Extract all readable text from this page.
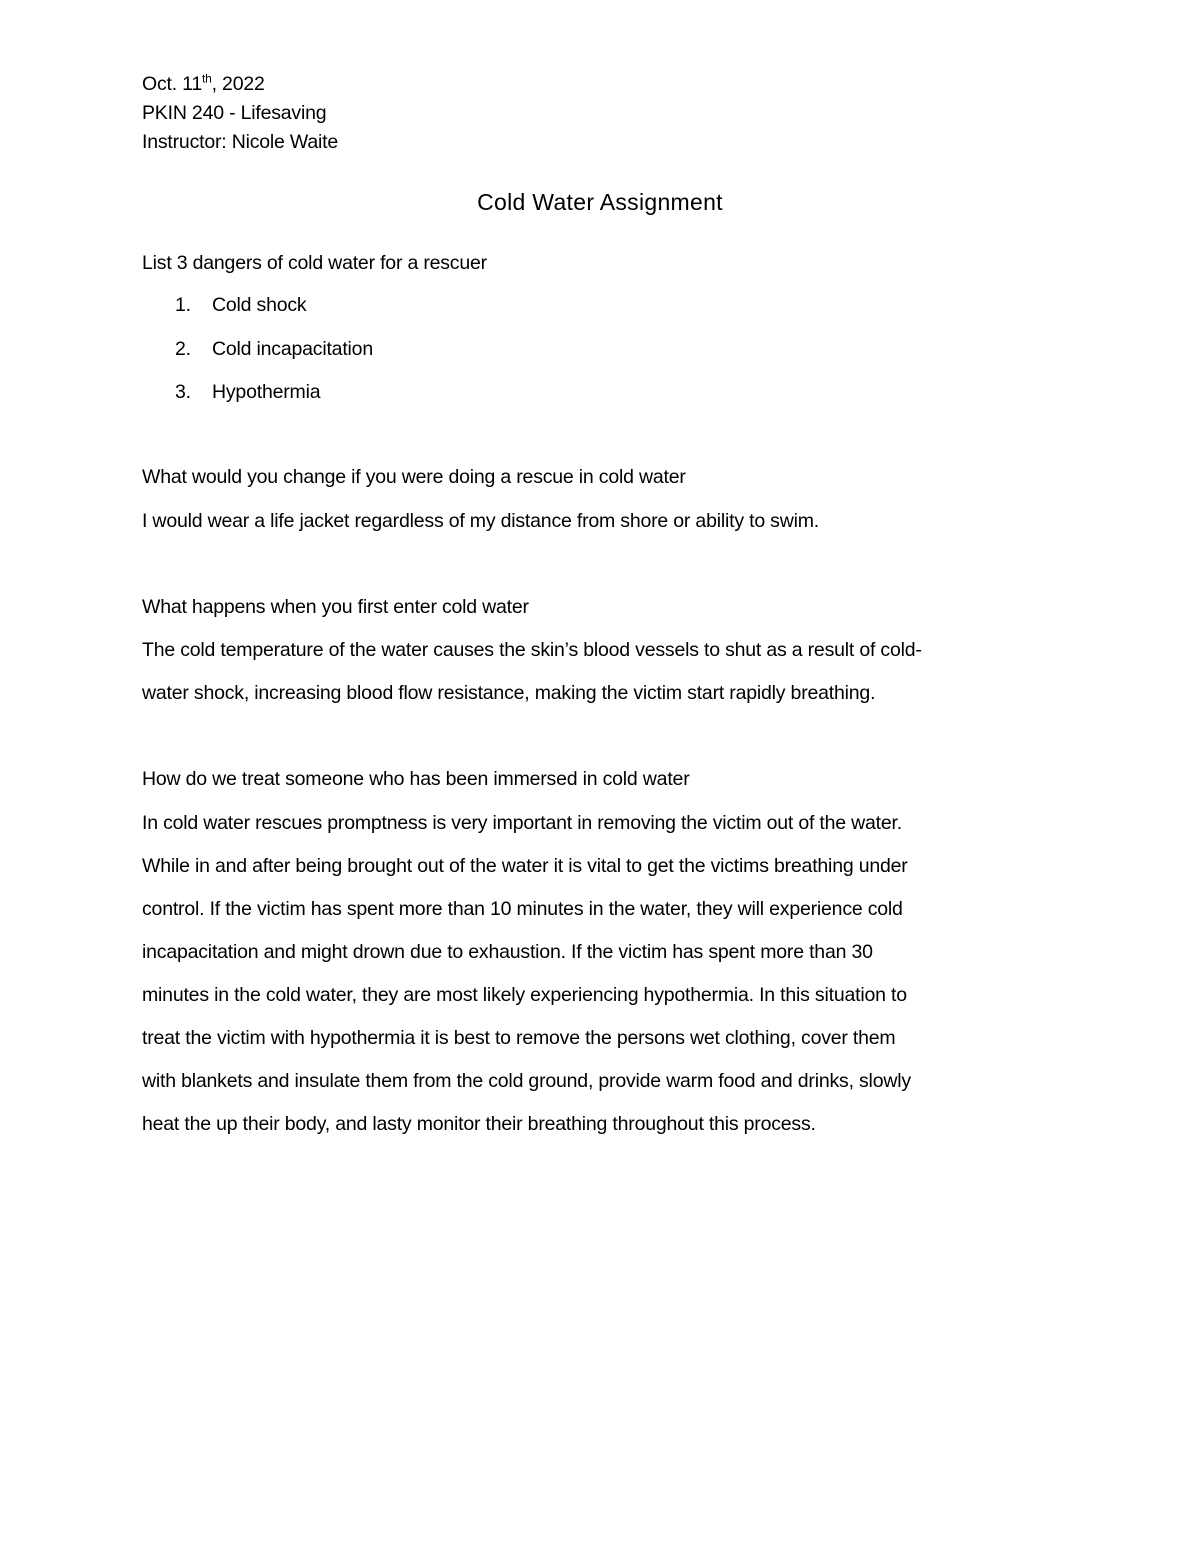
Oct. 11th, 2022
PKIN 240 - Lifesaving
Instructor: Nicole Waite
Cold Water Assignment
List 3 dangers of cold water for a rescuer
1. Cold shock
2. Cold incapacitation
3. Hypothermia
What would you change if you were doing a rescue in cold water
I would wear a life jacket regardless of my distance from shore or ability to swim.
What happens when you first enter cold water
The cold temperature of the water causes the skin’s blood vessels to shut as a result of cold-
water shock, increasing blood flow resistance, making the victim start rapidly breathing.
How do we treat someone who has been immersed in cold water
In cold water rescues promptness is very important in removing the victim out of the water.
While in and after being brought out of the water it is vital to get the victims breathing under
control. If the victim has spent more than 10 minutes in the water, they will experience cold
incapacitation and might drown due to exhaustion. If the victim has spent more than 30
minutes in the cold water, they are most likely experiencing hypothermia. In this situation to
treat the victim with hypothermia it is best to remove the persons wet clothing, cover them
with blankets and insulate them from the cold ground, provide warm food and drinks, slowly
heat the up their body, and lasty monitor their breathing throughout this process.
